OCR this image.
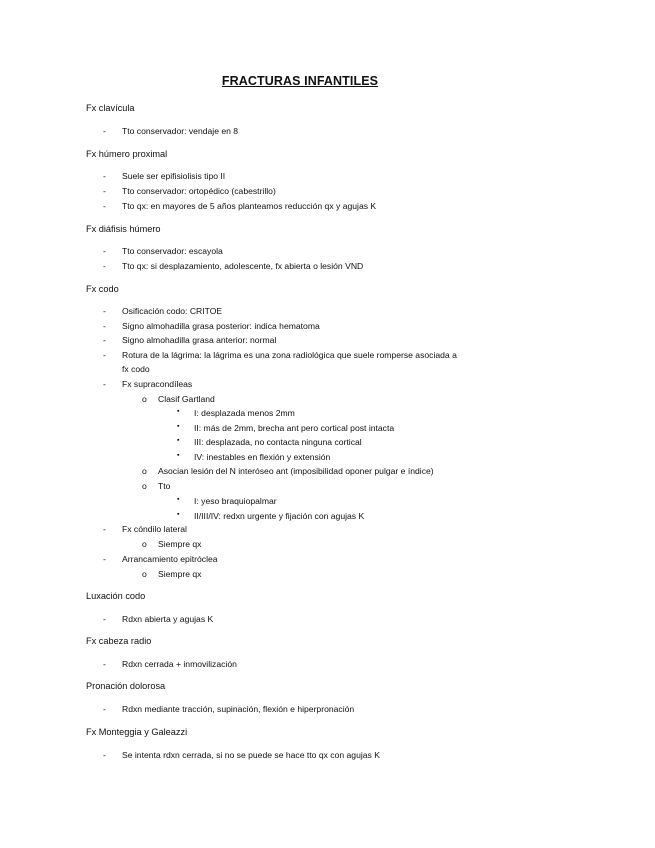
FRACTURAS INFANTILES
Fx clavícula
- Tto conservador: vendaje en 8
Fx húmero proximal
- Suele ser epifisiolisis tipo II
- Tto conservador: ortopédico (cabestrillo)
- Tto qx: en mayores de 5 años planteamos reducción qx y agujas K
Fx diáfisis húmero
- Tto conservador: escayola
- Tto qx: si desplazamiento, adolescente, fx abierta o lesión VND
Fx codo
- Osificación codo: CRITOE
- Signo almohadilla grasa posterior: indica hematoma
- Signo almohadilla grasa anterior: normal
- Rotura de la lágrima: la lágrima es una zona radiológica que suele romperse asociada a
fx codo
- Fx supracondíleas
o Clasif Gartland
▪ I: desplazada menos 2mm
▪ II: más de 2mm, brecha ant pero cortical post intacta
▪ III: desplazada, no contacta ninguna cortical
▪ IV: inestables en flexión y extensión
o Asocian lesión del N interóseo ant (imposibilidad oponer pulgar e índice)
o Tto
▪ I: yeso braquiopalmar
▪ II/III/IV: redxn urgente y fijación con agujas K
- Fx cóndilo lateral
o Siempre qx
- Arrancamiento epitróclea
o Siempre qx
Luxación codo
- Rdxn abierta y agujas K
Fx cabeza radio
- Rdxn cerrada + inmovilización
Pronación dolorosa
- Rdxn mediante tracción, supinación, flexión e hiperpronación
Fx Monteggia y Galeazzi
- Se intenta rdxn cerrada, si no se puede se hace tto qx con agujas K
